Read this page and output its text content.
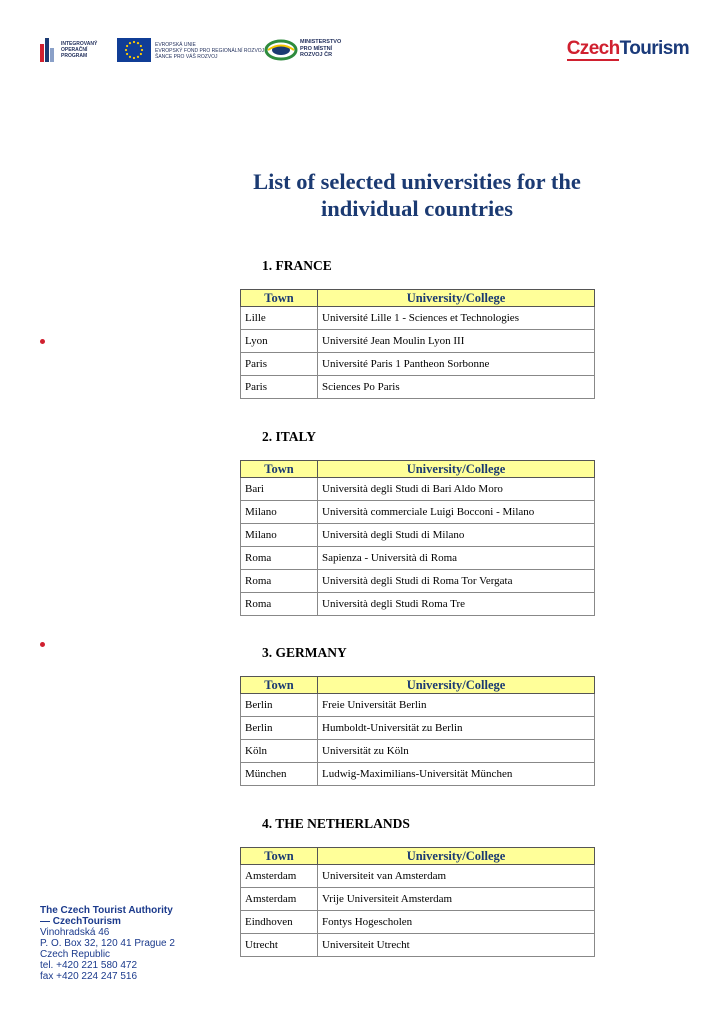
INTEGROVANÝ
OPERAČNÍ
PROGRAM
EVROPSKÁ UNIE
EVROPSKÝ FOND PRO REGIONÁLNÍ ROZVOJ
ŠANCE PRO VÁŠ ROZVOJ
MINISTERSTVO
PRO MÍSTNÍ
ROZVOJ ČR	CzechTourism
List of selected universities for the individual countries
1. FRANCE
Town	University/College
Lille	Université Lille 1 - Sciences et Technologies
Lyon	Université Jean Moulin Lyon III
Paris	Université Paris 1 Pantheon Sorbonne
Paris	Sciences Po Paris
2. ITALY
Town	University/College
Bari	Università degli Studi di Bari Aldo Moro
Milano	Università commerciale Luigi Bocconi - Milano
Milano	Università degli Studi di Milano
Roma	Sapienza - Università di Roma
Roma	Università degli Studi di Roma Tor Vergata
Roma	Università degli Studi Roma Tre
3. GERMANY
Town	University/College
Berlin	Freie Universität Berlin
Berlin	Humboldt-Universität zu Berlin
Köln	Universität zu Köln
München	Ludwig-Maximilians-Universität München
4. THE NETHERLANDS
Town	University/College
Amsterdam	Universiteit van Amsterdam
Amsterdam	Vrije Universiteit Amsterdam
Eindhoven	Fontys Hogescholen
Utrecht	Universiteit Utrecht
The Czech Tourist Authority
— CzechTourism
Vinohradská 46
P. O. Box 32, 120 41 Prague 2
Czech Republic
tel. +420 221 580 472
fax +420 224 247 516
